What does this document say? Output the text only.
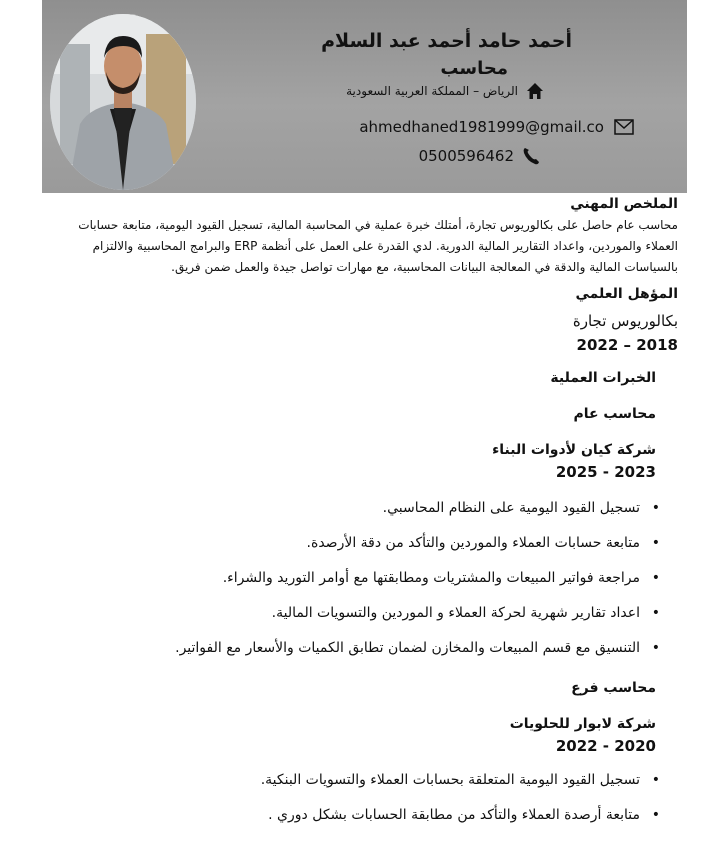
أحمد حامد أحمد عبد السلام
محاسب
الرياض – المملكة العربية السعودية
ahmedhaned1981999@gmail.co
0500596462
الملخص المهني
محاسب عام حاصل على بكالوريوس تجارة، أمتلك خبرة عملية في المحاسبة المالية، تسجيل القيود اليومية، متابعة حسابات
العملاء والموردين، واعداد التقارير المالية الدورية. لدي القدرة على العمل على أنظمة ERP والبرامج المحاسبية والالتزام
بالسياسات المالية والدقة في المعالجة البيانات المحاسبية، مع مهارات تواصل جيدة والعمل ضمن فريق.
المؤهل العلمي
بكالوريوس تجارة
2022 – 2018
الخبرات العملية
محاسب عام
شركة كيان لأدوات البناء
2025 - 2023
• تسجيل القيود اليومية على النظام المحاسبي.
• متابعة حسابات العملاء والموردين والتأكد من دقة الأرصدة.
• مراجعة فواتير المبيعات والمشتريات ومطابقتها مع أوامر التوريد والشراء.
• اعداد تقارير شهرية لحركة العملاء و الموردين والتسويات المالية.
• التنسيق مع قسم المبيعات والمخازن لضمان تطابق الكميات والأسعار مع الفواتير.
محاسب فرع
شركة لابوار للحلويات
2022 - 2020
• تسجيل القيود اليومية المتعلقة بحسابات العملاء والتسويات البنكية.
• متابعة أرصدة العملاء والتأكد من مطابقة الحسابات بشكل دوري .
